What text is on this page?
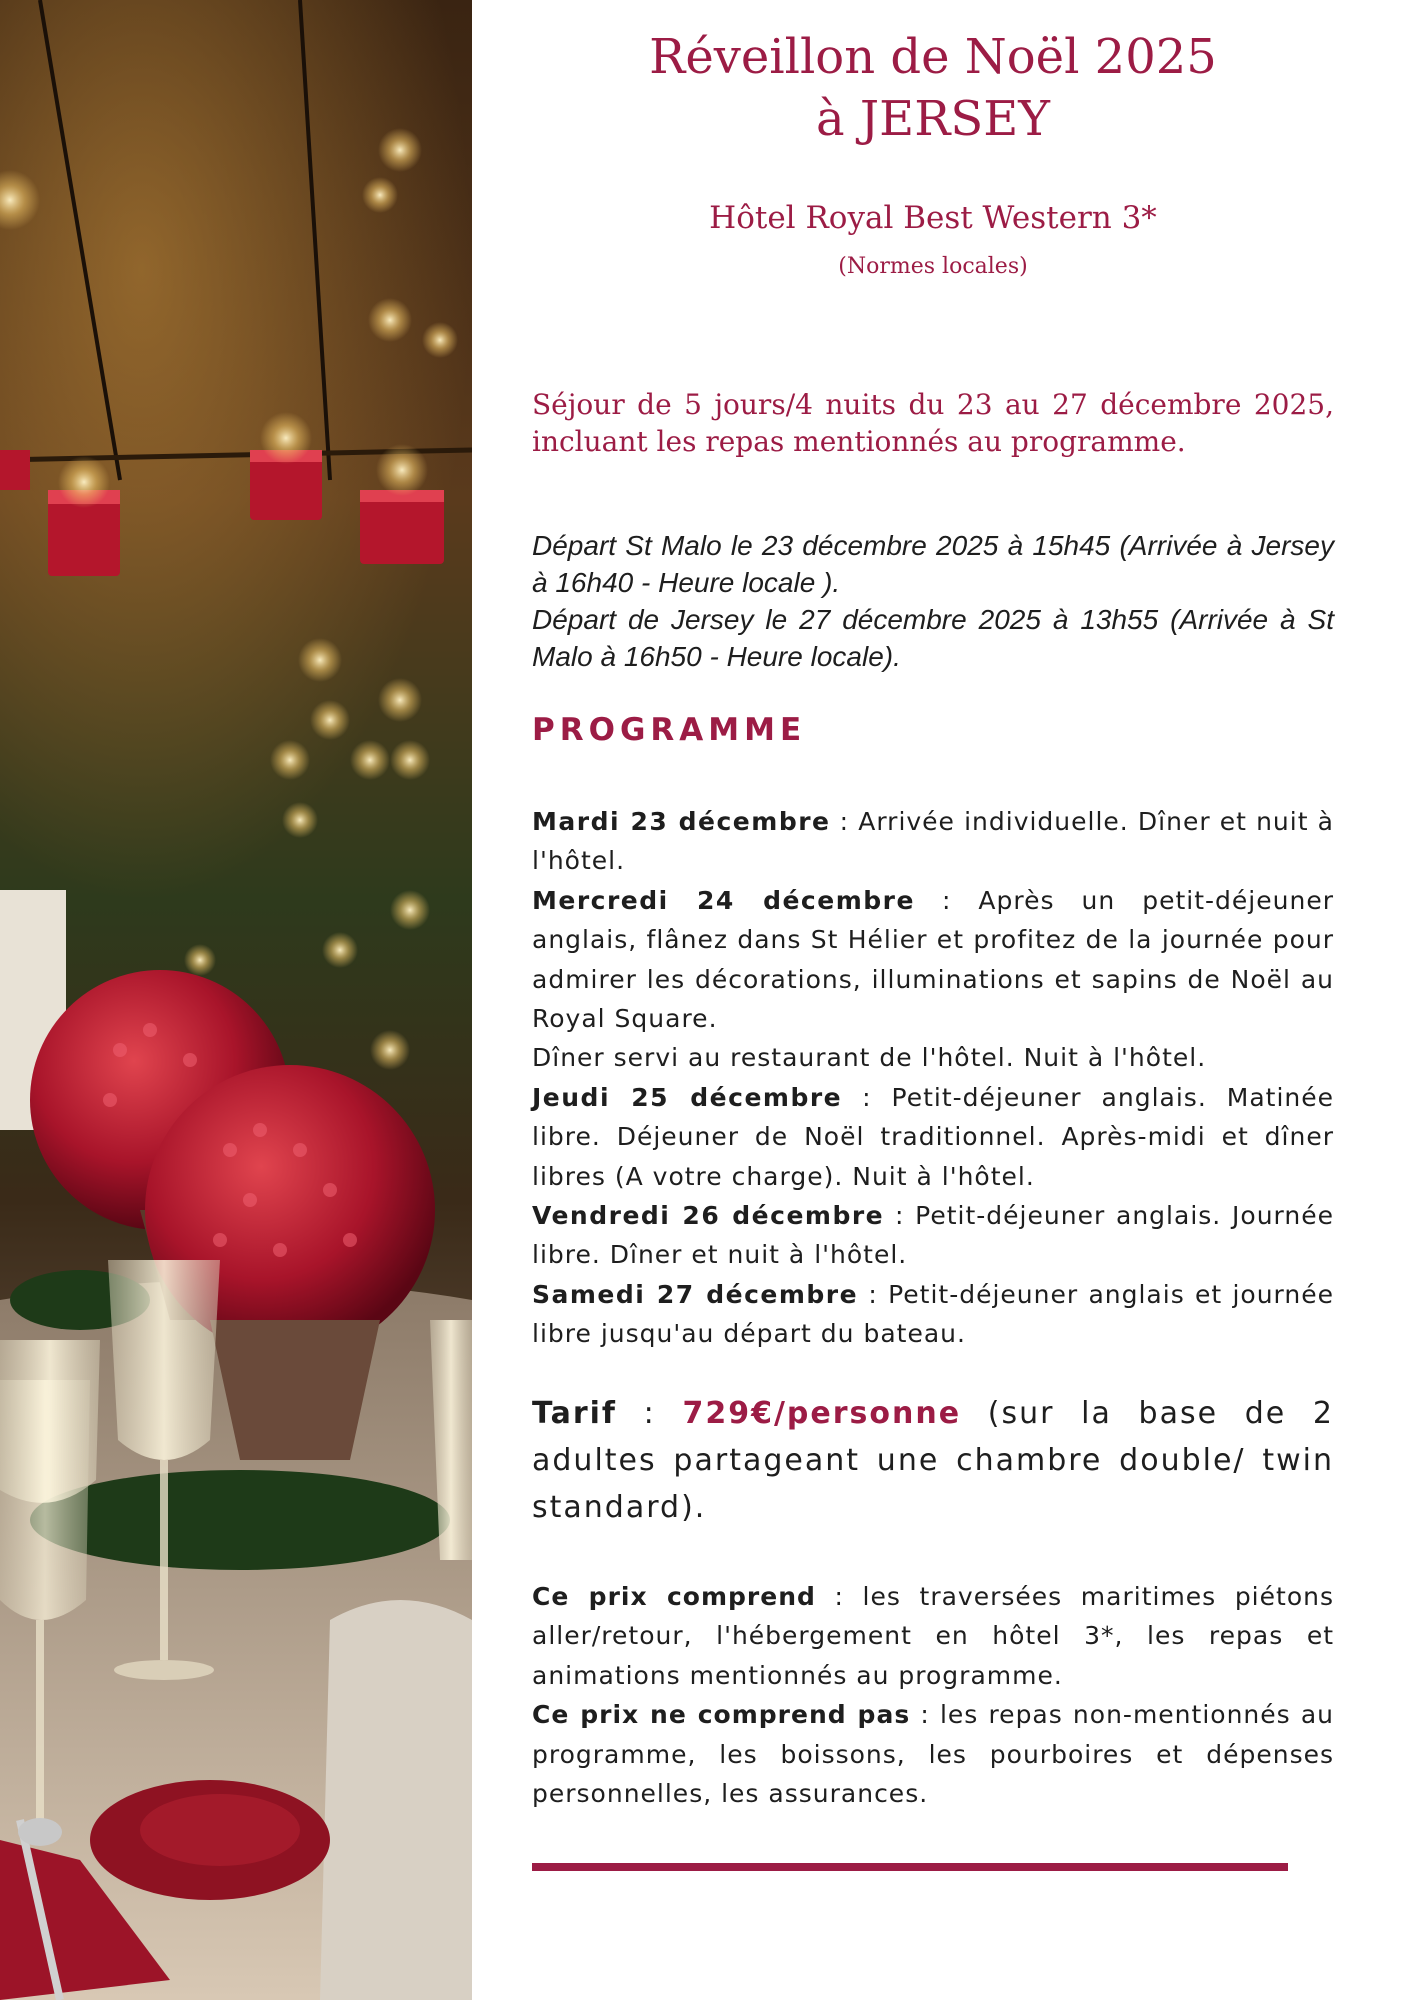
Réveillon de Noël 2025
à JERSEY
Hôtel Royal Best Western 3*
(Normes locales)
Séjour de 5 jours/4 nuits du 23 au 27 décembre 2025, incluant les repas mentionnés au programme.

Départ St Malo le 23 décembre 2025 à 15h45 (Arrivée à Jersey à 16h40 - Heure locale ).

Départ de Jersey le 27 décembre 2025 à 13h55 (Arrivée à St Malo à 16h50 - Heure locale).

PROGRAMME

Mardi 23 décembre : Arrivée individuelle. Dîner et nuit à l'hôtel.

Mercredi 24 décembre : Après un petit-déjeuner anglais, flânez dans St Hélier et profitez de la journée pour admirer les décorations, illuminations et sapins de Noël au Royal Square.

Dîner servi au restaurant de l'hôtel. Nuit à l'hôtel.

Jeudi 25 décembre : Petit-déjeuner anglais. Matinée libre. Déjeuner de Noël traditionnel. Après-midi et dîner libres (A votre charge). Nuit à l'hôtel.

Vendredi 26 décembre : Petit-déjeuner anglais. Journée libre. Dîner et nuit à l'hôtel.

Samedi 27 décembre : Petit-déjeuner anglais et journée libre jusqu'au départ du bateau.

Tarif : 729€/personne (sur la base de 2 adultes partageant une chambre double/ twin standard).

Ce prix comprend : les traversées maritimes piétons aller/retour, l'hébergement en hôtel 3*, les repas et animations mentionnés au programme.

Ce prix ne comprend pas : les repas non-mentionnés au programme, les boissons, les pourboires et dépenses personnelles, les assurances.
